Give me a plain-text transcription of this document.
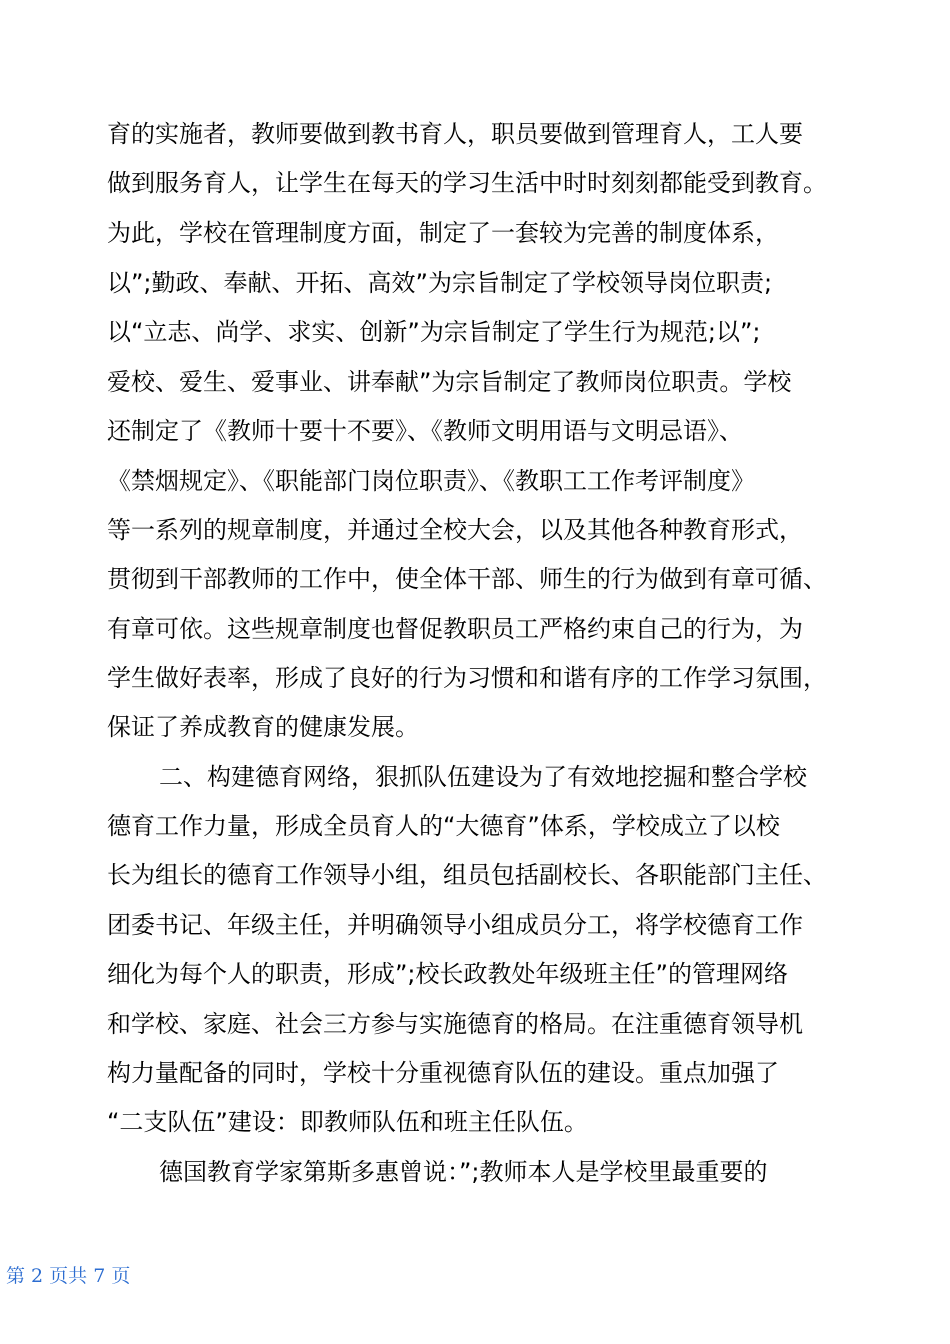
育的实施者，教师要做到教书育人，职员要做到管理育人，工人要
做到服务育人，让学生在每天的学习生活中时时刻刻都能受到教育。
为此，学校在管理制度方面，制定了一套较为完善的制度体系，
以”;勤政、奉献、开拓、高效”为宗旨制定了学校领导岗位职责;
以“立志、尚学、求实、创新”为宗旨制定了学生行为规范;以”;
爱校、爱生、爱事业、讲奉献”为宗旨制定了教师岗位职责。学校
还制定了《教师十要十不要》、《教师文明用语与文明忌语》、
《禁烟规定》、《职能部门岗位职责》、《教职工工作考评制度》
等一系列的规章制度，并通过全校大会，以及其他各种教育形式，
贯彻到干部教师的工作中，使全体干部、师生的行为做到有章可循、
有章可依。这些规章制度也督促教职员工严格约束自己的行为，为
学生做好表率，形成了良好的行为习惯和和谐有序的工作学习氛围，
保证了养成教育的健康发展。
二、构建德育网络，狠抓队伍建设为了有效地挖掘和整合学校
德育工作力量，形成全员育人的“大德育”体系，学校成立了以校
长为组长的德育工作领导小组，组员包括副校长、各职能部门主任、
团委书记、年级主任，并明确领导小组成员分工，将学校德育工作
细化为每个人的职责，形成”;校长政教处年级班主任”的管理网络
和学校、家庭、社会三方参与实施德育的格局。在注重德育领导机
构力量配备的同时，学校十分重视德育队伍的建设。重点加强了
“二支队伍”建设：即教师队伍和班主任队伍。
德国教育学家第斯多惠曾说：”;教师本人是学校里最重要的
第 2 页共 7 页
